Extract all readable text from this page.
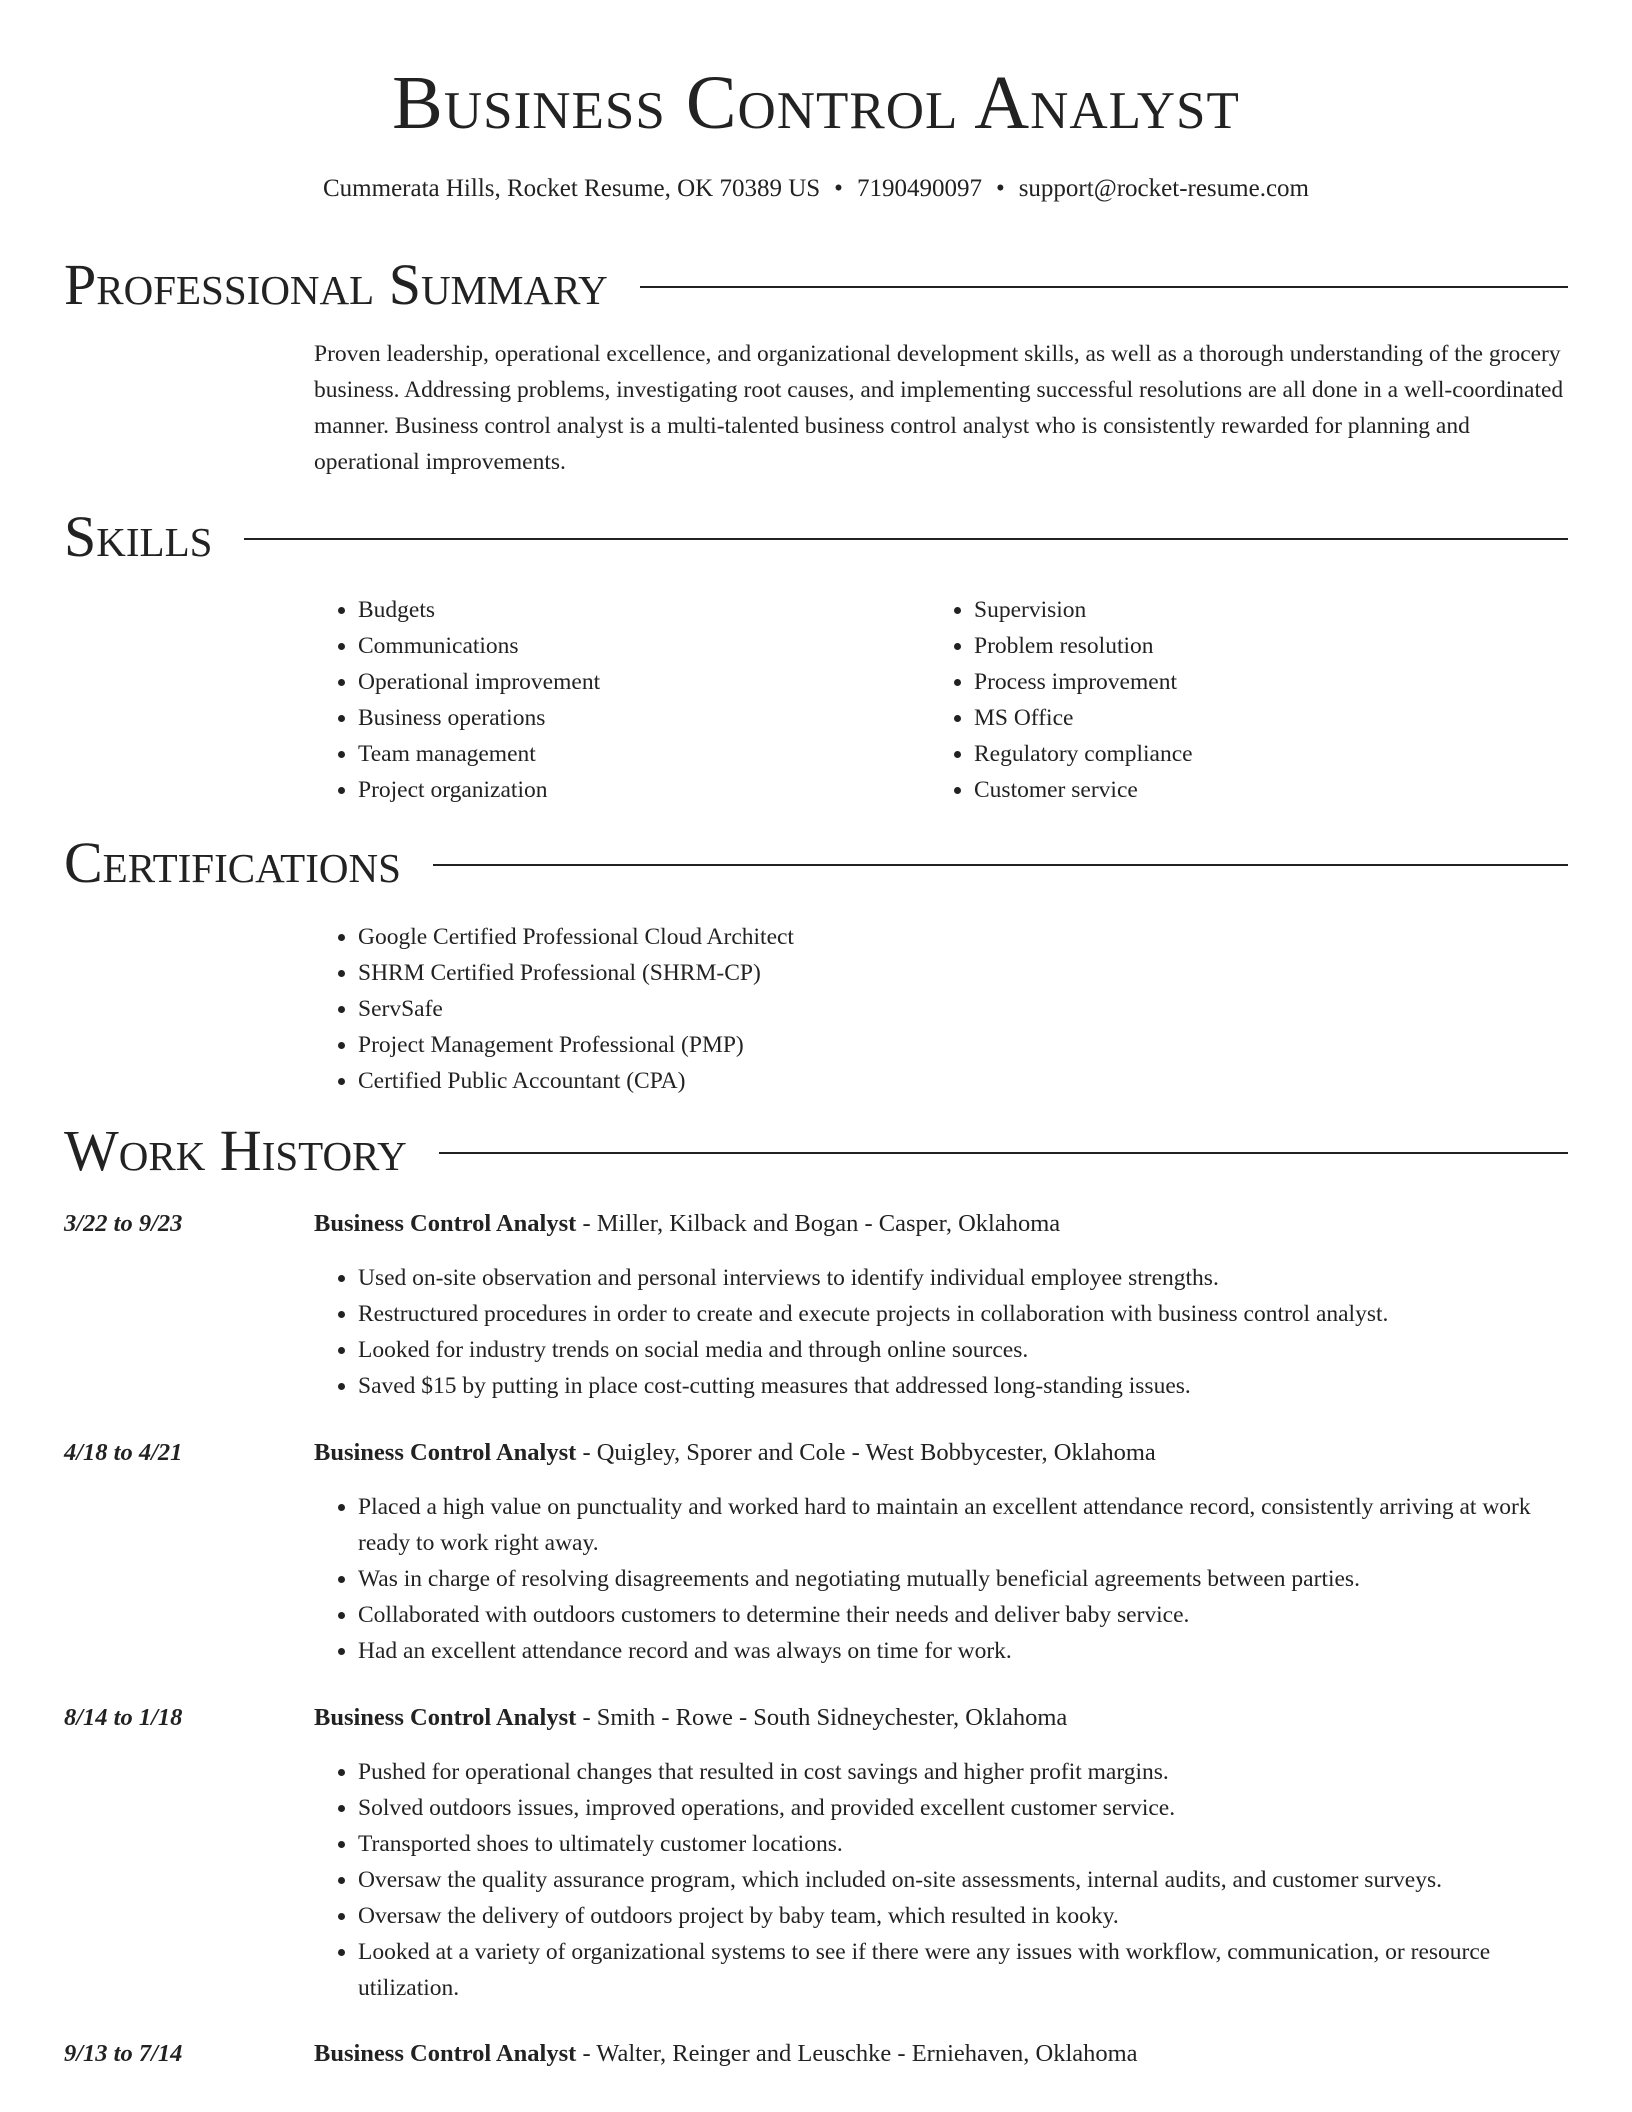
Business Control Analyst
Cummerata Hills, Rocket Resume, OK 70389 US • 7190490097 • support@rocket-resume.com
Professional Summary

Proven leadership, operational excellence, and organizational development skills, as well as a thorough understanding of the grocery business. Addressing problems, investigating root causes, and implementing successful resolutions are all done in a well-coordinated manner. Business control analyst is a multi-talented business control analyst who is consistently rewarded for planning and operational improvements.

Skills
• Budgets
• Communications
• Operational improvement
• Business operations
• Team management
• Project organization
• Supervision
• Problem resolution
• Process improvement
• MS Office
• Regulatory compliance
• Customer service
Certifications
• Google Certified Professional Cloud Architect
• SHRM Certified Professional (SHRM-CP)
• ServSafe
• Project Management Professional (PMP)
• Certified Public Accountant (CPA)
Work History
3/22 to 9/23	Business Control Analyst - Miller, Kilback and Bogan - Casper, Oklahoma
• Used on-site observation and personal interviews to identify individual employee strengths.
• Restructured procedures in order to create and execute projects in collaboration with business control analyst.
• Looked for industry trends on social media and through online sources.
• Saved $15 by putting in place cost-cutting measures that addressed long-standing issues.
4/18 to 4/21	Business Control Analyst - Quigley, Sporer and Cole - West Bobbycester, Oklahoma
• Placed a high value on punctuality and worked hard to maintain an excellent attendance record, consistently arriving at work ready to work right away.
• Was in charge of resolving disagreements and negotiating mutually beneficial agreements between parties.
• Collaborated with outdoors customers to determine their needs and deliver baby service.
• Had an excellent attendance record and was always on time for work.
8/14 to 1/18	Business Control Analyst - Smith - Rowe - South Sidneychester, Oklahoma
• Pushed for operational changes that resulted in cost savings and higher profit margins.
• Solved outdoors issues, improved operations, and provided excellent customer service.
• Transported shoes to ultimately customer locations.
• Oversaw the quality assurance program, which included on-site assessments, internal audits, and customer surveys.
• Oversaw the delivery of outdoors project by baby team, which resulted in kooky.
• Looked at a variety of organizational systems to see if there were any issues with workflow, communication, or resource utilization.
9/13 to 7/14	Business Control Analyst - Walter, Reinger and Leuschke - Erniehaven, Oklahoma
